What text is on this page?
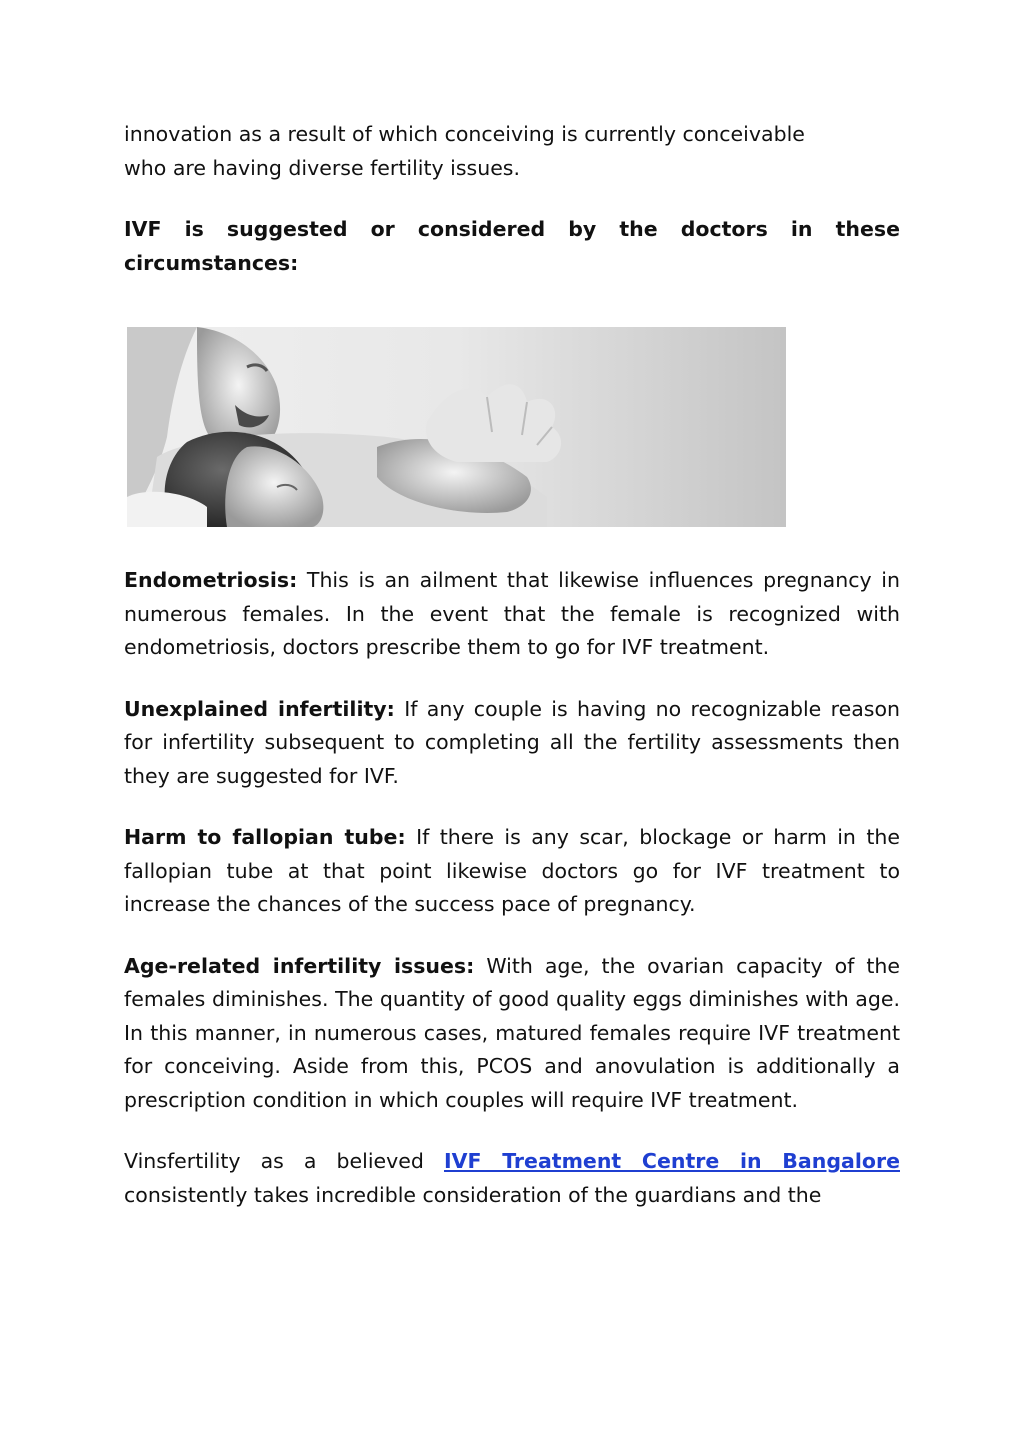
innovation as a result of which conceiving is currently conceivable
who are having diverse fertility issues.

IVF is suggested or considered by the doctors in these circumstances:

Endometriosis: This is an ailment that likewise influences pregnancy in numerous females. In the event that the female is recognized with endometriosis, doctors prescribe them to go for IVF treatment.

Unexplained infertility: If any couple is having no recognizable reason for infertility subsequent to completing all the fertility assessments then they are suggested for IVF.

Harm to fallopian tube: If there is any scar, blockage or harm in the fallopian tube at that point likewise doctors go for IVF treatment to increase the chances of the success pace of pregnancy.

Age-related infertility issues: With age, the ovarian capacity of the females diminishes. The quantity of good quality eggs diminishes with age. In this manner, in numerous cases, matured females require IVF treatment for conceiving. Aside from this, PCOS and anovulation is additionally a prescription condition in which couples will require IVF treatment.

Vinsfertility as a believed IVF Treatment Centre in Bangalore consistently takes incredible consideration of the guardians and the
